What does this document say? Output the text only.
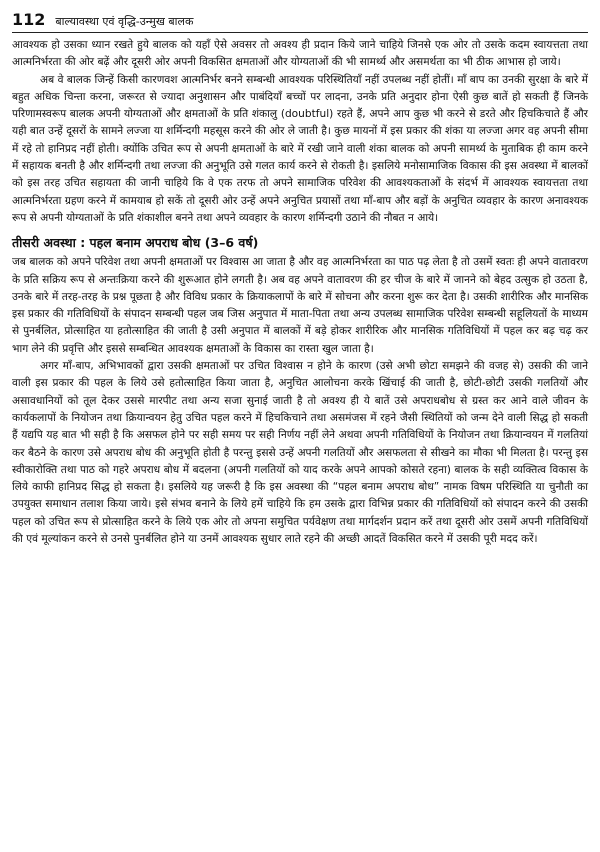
112 बाल्यावस्था एवं वृद्धि-उन्मुख बालक

आवश्यक हो उसका ध्यान रखते हुये बालक को यहाँ ऐसे अवसर तो अवश्य ही प्रदान किये जाने चाहिये जिनसे एक ओर तो उसके कदम स्वायत्तता तथा आत्मनिर्भरता की ओर बढ़ें और दूसरी ओर अपनी विकसित क्षमताओं और योग्यताओं की भी सामर्थ्य और असमर्थता का भी ठीक आभास हो जाये।

अब वे बालक जिन्हें किसी कारणवश आत्मनिर्भर बनने सम्बन्धी आवश्यक परिस्थितियाँ नहीं उपलब्ध नहीं होतीं। माँ बाप का उनकी सुरक्षा के बारे में बहुत अधिक चिन्ता करना, जरूरत से ज्यादा अनुशासन और पाबंदियाँ बच्चों पर लादना, उनके प्रति अनुदार होना ऐसी कुछ बातें हो सकती हैं जिनके परिणामस्वरूप बालक अपनी योग्यताओं और क्षमताओं के प्रति शंकालु (doubtful) रहते हैं, अपने आप कुछ भी करने से डरते और हिचकिचाते हैं और यही बात उन्हें दूसरों के सामने लज्जा या शर्मिन्दगी महसूस करने की ओर ले जाती है। कुछ मायनों में इस प्रकार की शंका या लज्जा अगर वह अपनी सीमा में रहे तो हानिप्रद नहीं होती। क्योंकि उचित रूप से अपनी क्षमताओं के बारे में रखी जाने वाली शंका बालक को अपनी सामर्थ्य के मुताबिक ही काम करने में सहायक बनती है और शर्मिन्दगी तथा लज्जा की अनुभूति उसे गलत कार्य करने से रोकती है। इसलिये मनोसामाजिक विकास की इस अवस्था में बालकों को इस तरह उचित सहायता की जानी चाहिये कि वे एक तरफ तो अपने सामाजिक परिवेश की आवश्यकताओं के संदर्भ में आवश्यक स्वायत्तता तथा आत्मनिर्भरता ग्रहण करने में कामयाब हो सकें तो दूसरी ओर उन्हें अपने अनुचित प्रयासों तथा माँ-बाप और बड़ों के अनुचित व्यवहार के कारण अनावश्यक रूप से अपनी योग्यताओं के प्रति शंकाशील बनने तथा अपने व्यवहार के कारण शर्मिन्दगी उठाने की नौबत न आये।

तीसरी अवस्था : पहल बनाम अपराध बोध (3–6 वर्ष)

जब बालक को अपने परिवेश तथा अपनी क्षमताओं पर विश्वास आ जाता है और वह आत्मनिर्भरता का पाठ पढ़ लेता है तो उसमें स्वतः ही अपने वातावरण के प्रति सक्रिय रूप से अन्तःक्रिया करने की शुरूआत होने लगती है। अब वह अपने वातावरण की हर चीज के बारे में जानने को बेहद उत्सुक हो उठता है, उनके बारे में तरह-तरह के प्रश्न पूछता है और विविध प्रकार के क्रियाकलापों के बारे में सोचना और करना शुरू कर देता है। उसकी शारीरिक और मानसिक इस प्रकार की गतिविधियों के संपादन सम्बन्धी पहल जब जिस अनुपात में माता-पिता तथा अन्य उपलब्ध सामाजिक परिवेश सम्बन्धी सहूलियतों के माध्यम से पुनर्बलित, प्रोत्साहित या हतोत्साहित की जाती है उसी अनुपात में बालकों में बड़े होकर शारीरिक और मानसिक गतिविधियों में पहल कर बढ़ चढ़ कर भाग लेने की प्रवृत्ति और इससे सम्बन्धित आवश्यक क्षमताओं के विकास का रास्ता खुल जाता है।

अगर माँ-बाप, अभिभावकों द्वारा उसकी क्षमताओं पर उचित विश्वास न होने के कारण (उसे अभी छोटा समझने की वजह से) उसकी की जाने वाली इस प्रकार की पहल के लिये उसे हतोत्साहित किया जाता है, अनुचित आलोचना करके खिंचाई की जाती है, छोटी-छोटी उसकी गलतियों और असावधानियों को तूल देकर उससे मारपीट तथा अन्य सजा सुनाई जाती है तो अवश्य ही ये बातें उसे अपराधबोध से ग्रस्त कर आने वाले जीवन के कार्यकलापों के नियोजन तथा क्रियान्वयन हेतु उचित पहल करने में हिचकिचाने तथा असमंजस में रहने जैसी स्थितियों को जन्म देने वाली सिद्ध हो सकती हैं यद्यपि यह बात भी सही है कि असफल होने पर सही समय पर सही निर्णय नहीं लेने अथवा अपनी गतिविधियों के नियोजन तथा क्रियान्वयन में गलतियां कर बैठने के कारण उसे अपराध बोध की अनुभूति होती है परन्तु इससे उन्हें अपनी गलतियों और असफलता से सीखने का मौका भी मिलता है। परन्तु इस स्वीकारोक्ति तथा पाठ को गहरे अपराध बोध में बदलना (अपनी गलतियों को याद करके अपने आपको कोसते रहना) बालक के सही व्यक्तित्व विकास के लिये काफी हानिप्रद सिद्ध हो सकता है। इसलिये यह जरूरी है कि इस अवस्था की “पहल बनाम अपराध बोध” नामक विषम परिस्थिति या चुनौती का उपयुक्त समाधान तलाश किया जाये। इसे संभव बनाने के लिये हमें चाहिये कि हम उसके द्वारा विभिन्न प्रकार की गतिविधियों को संपादन करने की उसकी पहल को उचित रूप से प्रोत्साहित करने के लिये एक ओर तो अपना समुचित पर्यवेक्षण तथा मार्गदर्शन प्रदान करें तथा दूसरी ओर उसमें अपनी गतिविधियों की एवं मूल्यांकन करने से उनसे पुनर्बलित होने या उनमें आवश्यक सुधार लाते रहने की अच्छी आदतें विकसित करने में उसकी पूरी मदद करें।
